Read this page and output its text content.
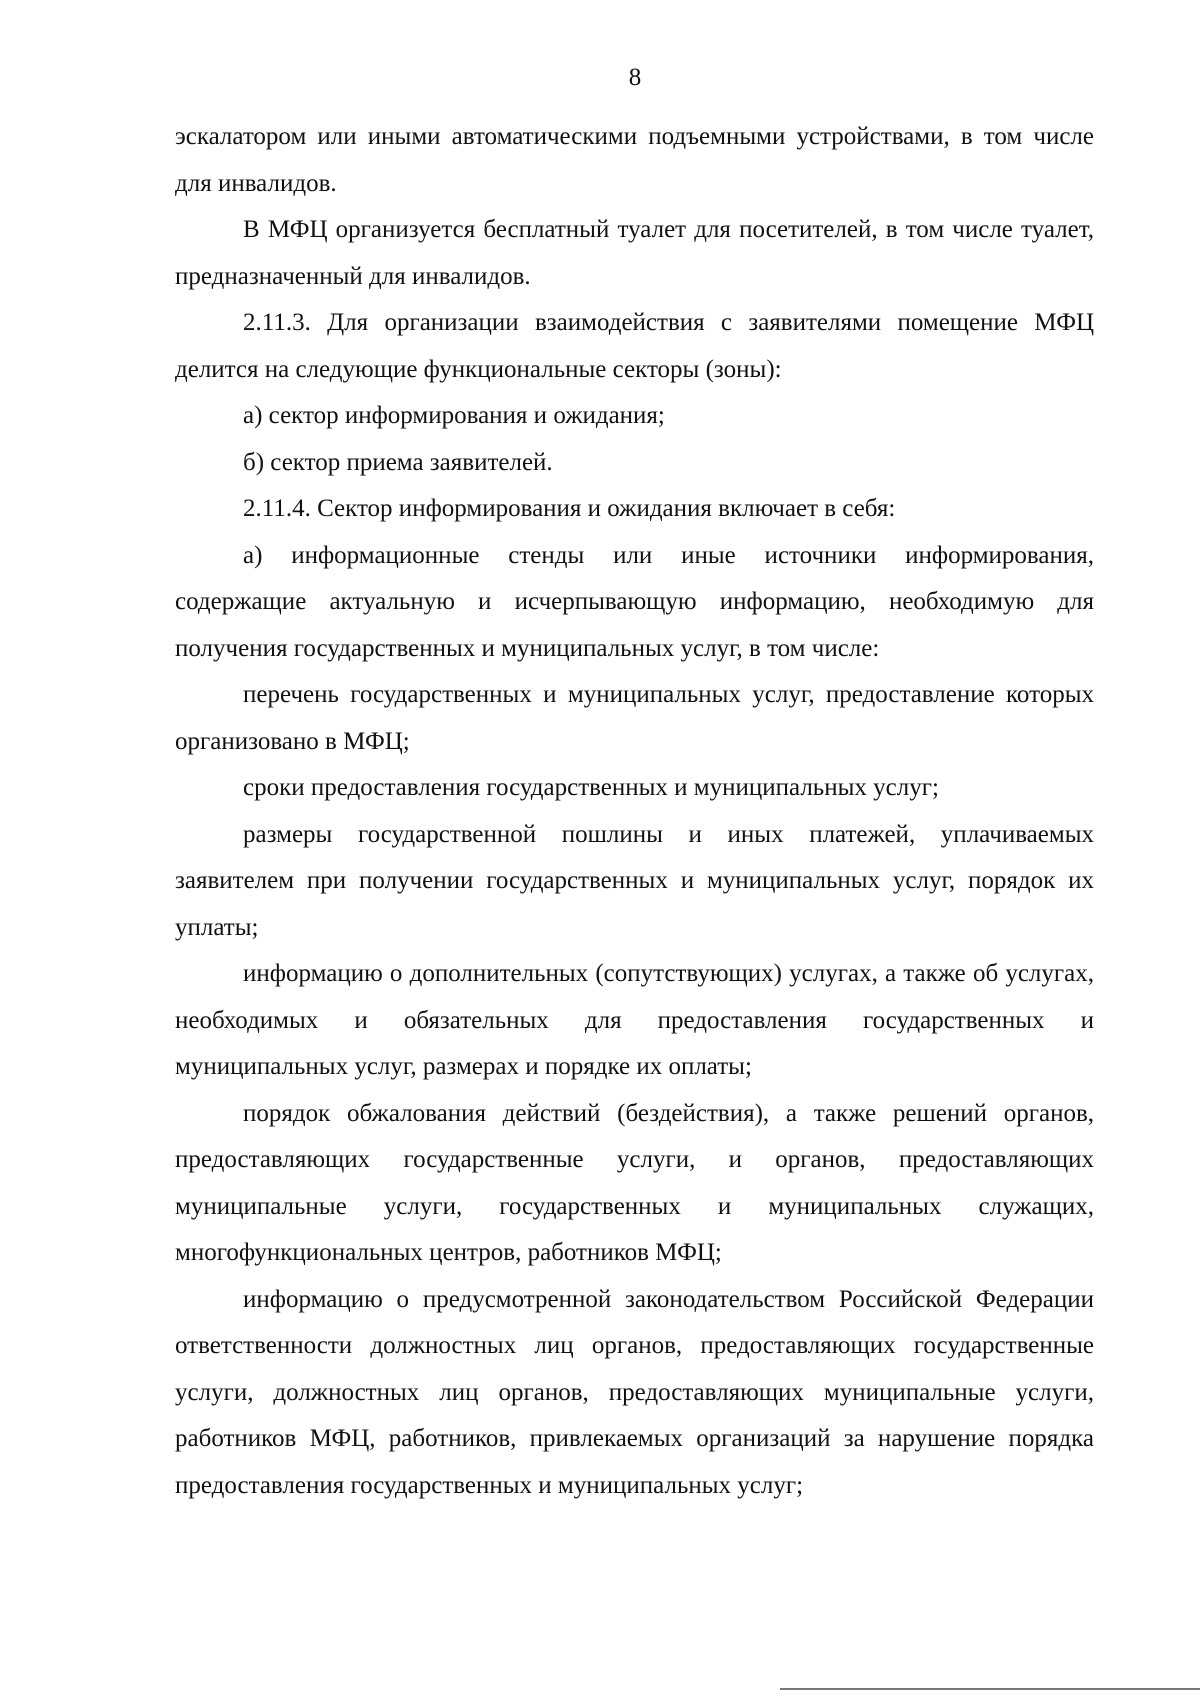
8

эскалатором или иными автоматическими подъемными устройствами, в том числе для инвалидов.

В МФЦ организуется бесплатный туалет для посетителей, в том числе туалет, предназначенный для инвалидов.

2.11.3. Для организации взаимодействия с заявителями помещение МФЦ делится на следующие функциональные секторы (зоны):

а) сектор информирования и ожидания;

б) сектор приема заявителей.

2.11.4. Сектор информирования и ожидания включает в себя:

а) информационные стенды или иные источники информирования, содержащие актуальную и исчерпывающую информацию, необходимую для получения государственных и муниципальных услуг, в том числе:

перечень государственных и муниципальных услуг, предоставление которых организовано в МФЦ;

сроки предоставления государственных и муниципальных услуг;

размеры государственной пошлины и иных платежей, уплачиваемых заявителем при получении государственных и муниципальных услуг, порядок их уплаты;

информацию о дополнительных (сопутствующих) услугах, а также об услугах, необходимых и обязательных для предоставления государственных и муниципальных услуг, размерах и порядке их оплаты;

порядок обжалования действий (бездействия), а также решений органов, предоставляющих государственные услуги, и органов, предоставляющих муниципальные услуги, государственных и муниципальных служащих, многофункциональных центров, работников МФЦ;

информацию о предусмотренной законодательством Российской Федерации ответственности должностных лиц органов, предоставляющих государственные услуги, должностных лиц органов, предоставляющих муниципальные услуги, работников МФЦ, работников, привлекаемых организаций за нарушение порядка предоставления государственных и муниципальных услуг;
